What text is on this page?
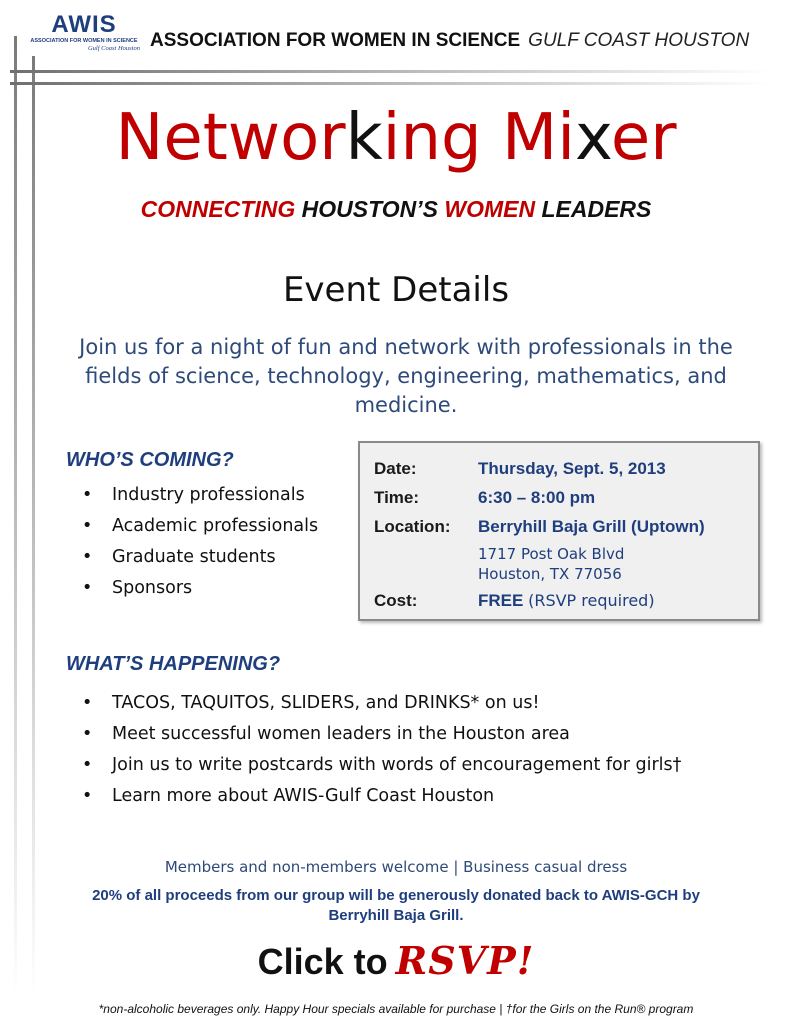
AWIS
ASSOCIATION FOR WOMEN IN SCIENCE
Gulf Coast Houston ASSOCIATION FOR WOMEN IN SCIENCE GULF COAST HOUSTON
Networking Mixer
CONNECTING HOUSTON’S WOMEN LEADERS
Event Details
Join us for a night of fun and network with professionals in the fields of science, technology, engineering, mathematics, and medicine.
WHO’S COMING?
• Industry professionals
• Academic professionals
• Graduate students
• Sponsors
Date:	Thursday, Sept. 5, 2013
Time:	6:30 – 8:00 pm
Location: Berryhill Baja Grill (Uptown)
1717 Post Oak Blvd
Houston, TX 77056
Cost:	FREE (RSVP required)
WHAT’S HAPPENING?
• TACOS, TAQUITOS, SLIDERS, and DRINKS* on us!
• Meet successful women leaders in the Houston area
• Join us to write postcards with words of encouragement for girls†
• Learn more about AWIS-Gulf Coast Houston
Members and non-members welcome | Business casual dress
20% of all proceeds from our group will be generously donated back to AWIS-GCH by Berryhill Baja Grill.
Click to RSVP!
*non-alcoholic beverages only. Happy Hour specials available for purchase | †for the Girls on the Run® program
